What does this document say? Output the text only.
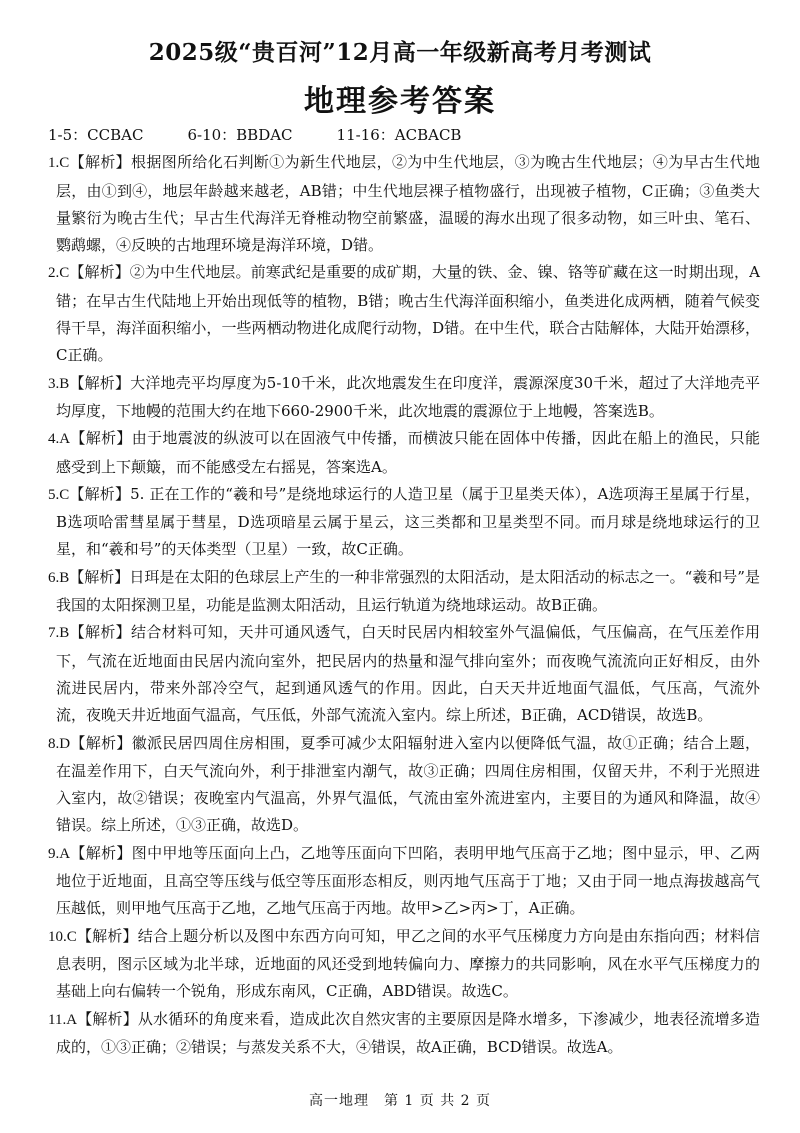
2025级“贵百河”12月高一年级新高考月考测试
地理参考答案

1-5：CCBAC	6-10：BBDAC	11-16：ACBACB

1.C【解析】根据图所给化石判断①为新生代地层，②为中生代地层，③为晚古生代地层；④为早古生代地层，由①到④，地层年龄越来越老，AB错；中生代地层裸子植物盛行，出现被子植物，C正确；③鱼类大量繁衍为晚古生代；早古生代海洋无脊椎动物空前繁盛，温暖的海水出现了很多动物，如三叶虫、笔石、鹦鹉螺，④反映的古地理环境是海洋环境，D错。

2.C【解析】②为中生代地层。前寒武纪是重要的成矿期，大量的铁、金、镍、铬等矿藏在这一时期出现，A错；在早古生代陆地上开始出现低等的植物，B错；晚古生代海洋面积缩小，鱼类进化成两栖，随着气候变得干旱，海洋面积缩小，一些两栖动物进化成爬行动物，D错。在中生代，联合古陆解体，大陆开始漂移，C正确。

3.B【解析】大洋地壳平均厚度为5-10千米，此次地震发生在印度洋，震源深度30千米，超过了大洋地壳平均厚度，下地幔的范围大约在地下660-2900千米，此次地震的震源位于上地幔，答案选B。

4.A【解析】由于地震波的纵波可以在固液气中传播，而横波只能在固体中传播，因此在船上的渔民，只能感受到上下颠簸，而不能感受左右摇晃，答案选A。

5.C【解析】5. 正在工作的“羲和号”是绕地球运行的人造卫星（属于卫星类天体），A选项海王星属于行星，B选项哈雷彗星属于彗星，D选项暗星云属于星云，这三类都和卫星类型不同。而月球是绕地球运行的卫星，和“羲和号”的天体类型（卫星）一致，故C正确。

6.B【解析】日珥是在太阳的色球层上产生的一种非常强烈的太阳活动，是太阳活动的标志之一。“羲和号”是我国的太阳探测卫星，功能是监测太阳活动，且运行轨道为绕地球运动。故B正确。

7.B【解析】结合材料可知，天井可通风透气，白天时民居内相较室外气温偏低，气压偏高，在气压差作用下，气流在近地面由民居内流向室外，把民居内的热量和湿气排向室外；而夜晚气流流向正好相反，由外流进民居内，带来外部冷空气，起到通风透气的作用。因此，白天天井近地面气温低，气压高，气流外流，夜晚天井近地面气温高，气压低，外部气流流入室内。综上所述，B正确，ACD错误，故选B。

8.D【解析】徽派民居四周住房相围，夏季可减少太阳辐射进入室内以便降低气温，故①正确；结合上题，在温差作用下，白天气流向外，利于排泄室内潮气，故③正确；四周住房相围，仅留天井，不利于光照进入室内，故②错误；夜晚室内气温高，外界气温低，气流由室外流进室内，主要目的为通风和降温，故④错误。综上所述，①③正确，故选D。

9.A【解析】图中甲地等压面向上凸，乙地等压面向下凹陷，表明甲地气压高于乙地；图中显示，甲、乙两地位于近地面，且高空等压线与低空等压面形态相反，则丙地气压高于丁地；又由于同一地点海拔越高气压越低，则甲地气压高于乙地，乙地气压高于丙地。故甲>乙>丙>丁，A正确。

10.C【解析】结合上题分析以及图中东西方向可知，甲乙之间的水平气压梯度力方向是由东指向西；材料信息表明，图示区域为北半球，近地面的风还受到地转偏向力、摩擦力的共同影响，风在水平气压梯度力的基础上向右偏转一个锐角，形成东南风，C正确，ABD错误。故选C。

11.A【解析】从水循环的角度来看，造成此次自然灾害的主要原因是降水增多，下渗减少，地表径流增多造成的，①③正确；②错误；与蒸发关系不大，④错误，故A正确，BCD错误。故选A。

高一地理　第 1 页 共 2 页
